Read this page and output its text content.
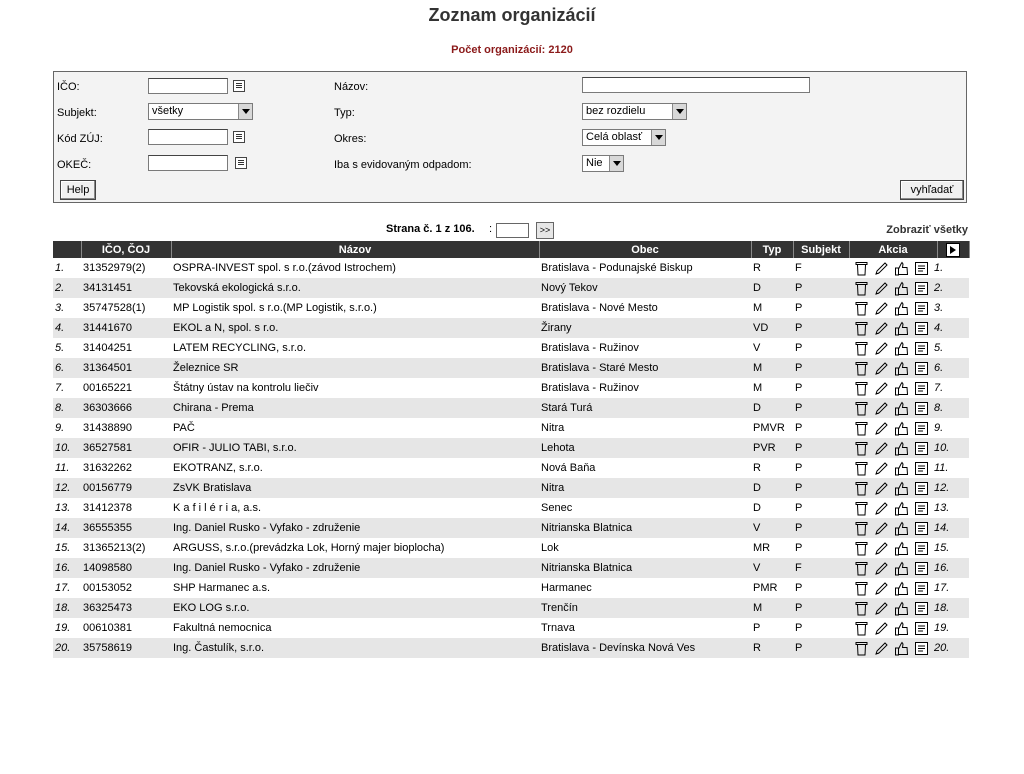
Zoznam organizácií
Počet organizácií: 2120
IČO:
Subjekt:	všetky
Kód ZÚJ:
OKEČ:
Názov:
Typ:	bez rozdielu
Okres:	Celá oblasť
Iba s evidovaným odpadom:	Nie
Help	vyhľadať
Strana č. 1 z 106. :	>>	Zobraziť všetky
	IČO, ČOJ	Názov	Obec	Typ	Subjekt	Akcia	
1.	31352979(2)	OSPRA-INVEST spol. s r.o.(závod Istrochem)	Bratislava - Podunajské Biskup	R	F	1.	

2.	34131451	Tekovská ekologická s.r.o.	Nový Tekov	D	P	2.	

3.	35747528(1)	MP Logistik spol. s r.o.(MP Logistik, s.r.o.)	Bratislava - Nové Mesto	M	P	3.	

4.	31441670	EKOL a N, spol. s r.o.	Žirany	VD	P	4.	

5.	31404251	LATEM RECYCLING, s.r.o.	Bratislava - Ružinov	V	P	5.	

6.	31364501	Železnice SR	Bratislava - Staré Mesto	M	P	6.	

7.	00165221	Štátny ústav na kontrolu liečiv	Bratislava - Ružinov	M	P	7.	

8.	36303666	Chirana - Prema	Stará Turá	D	P	8.	

9.	31438890	PAČ	Nitra	PMVR	P	9.	

10.	36527581	OFIR - JULIO TABI, s.r.o.	Lehota	PVR	P	10.	

11.	31632262	EKOTRANZ, s.r.o.	Nová Baňa	R	P	11.	

12.	00156779	ZsVK Bratislava	Nitra	D	P	12.	

13.	31412378	K a f i l é r i a, a.s.	Senec	D	P	13.	

14.	36555355	Ing. Daniel Rusko - Vyfako - združenie	Nitrianska Blatnica	V	P	14.	

15.	31365213(2)	ARGUSS, s.r.o.(prevádzka Lok, Horný majer bioplocha)	Lok	MR	P	15.	

16.	14098580	Ing. Daniel Rusko - Vyfako - združenie	Nitrianska Blatnica	V	F	16.	

17.	00153052	SHP Harmanec a.s.	Harmanec	PMR	P	17.	

18.	36325473	EKO LOG s.r.o.	Trenčín	M	P	18.	

19.	00610381	Fakultná nemocnica	Trnava	P	P	19.	

20.	35758619	Ing. Častulík, s.r.o.	Bratislava - Devínska Nová Ves	R	P	20.	
